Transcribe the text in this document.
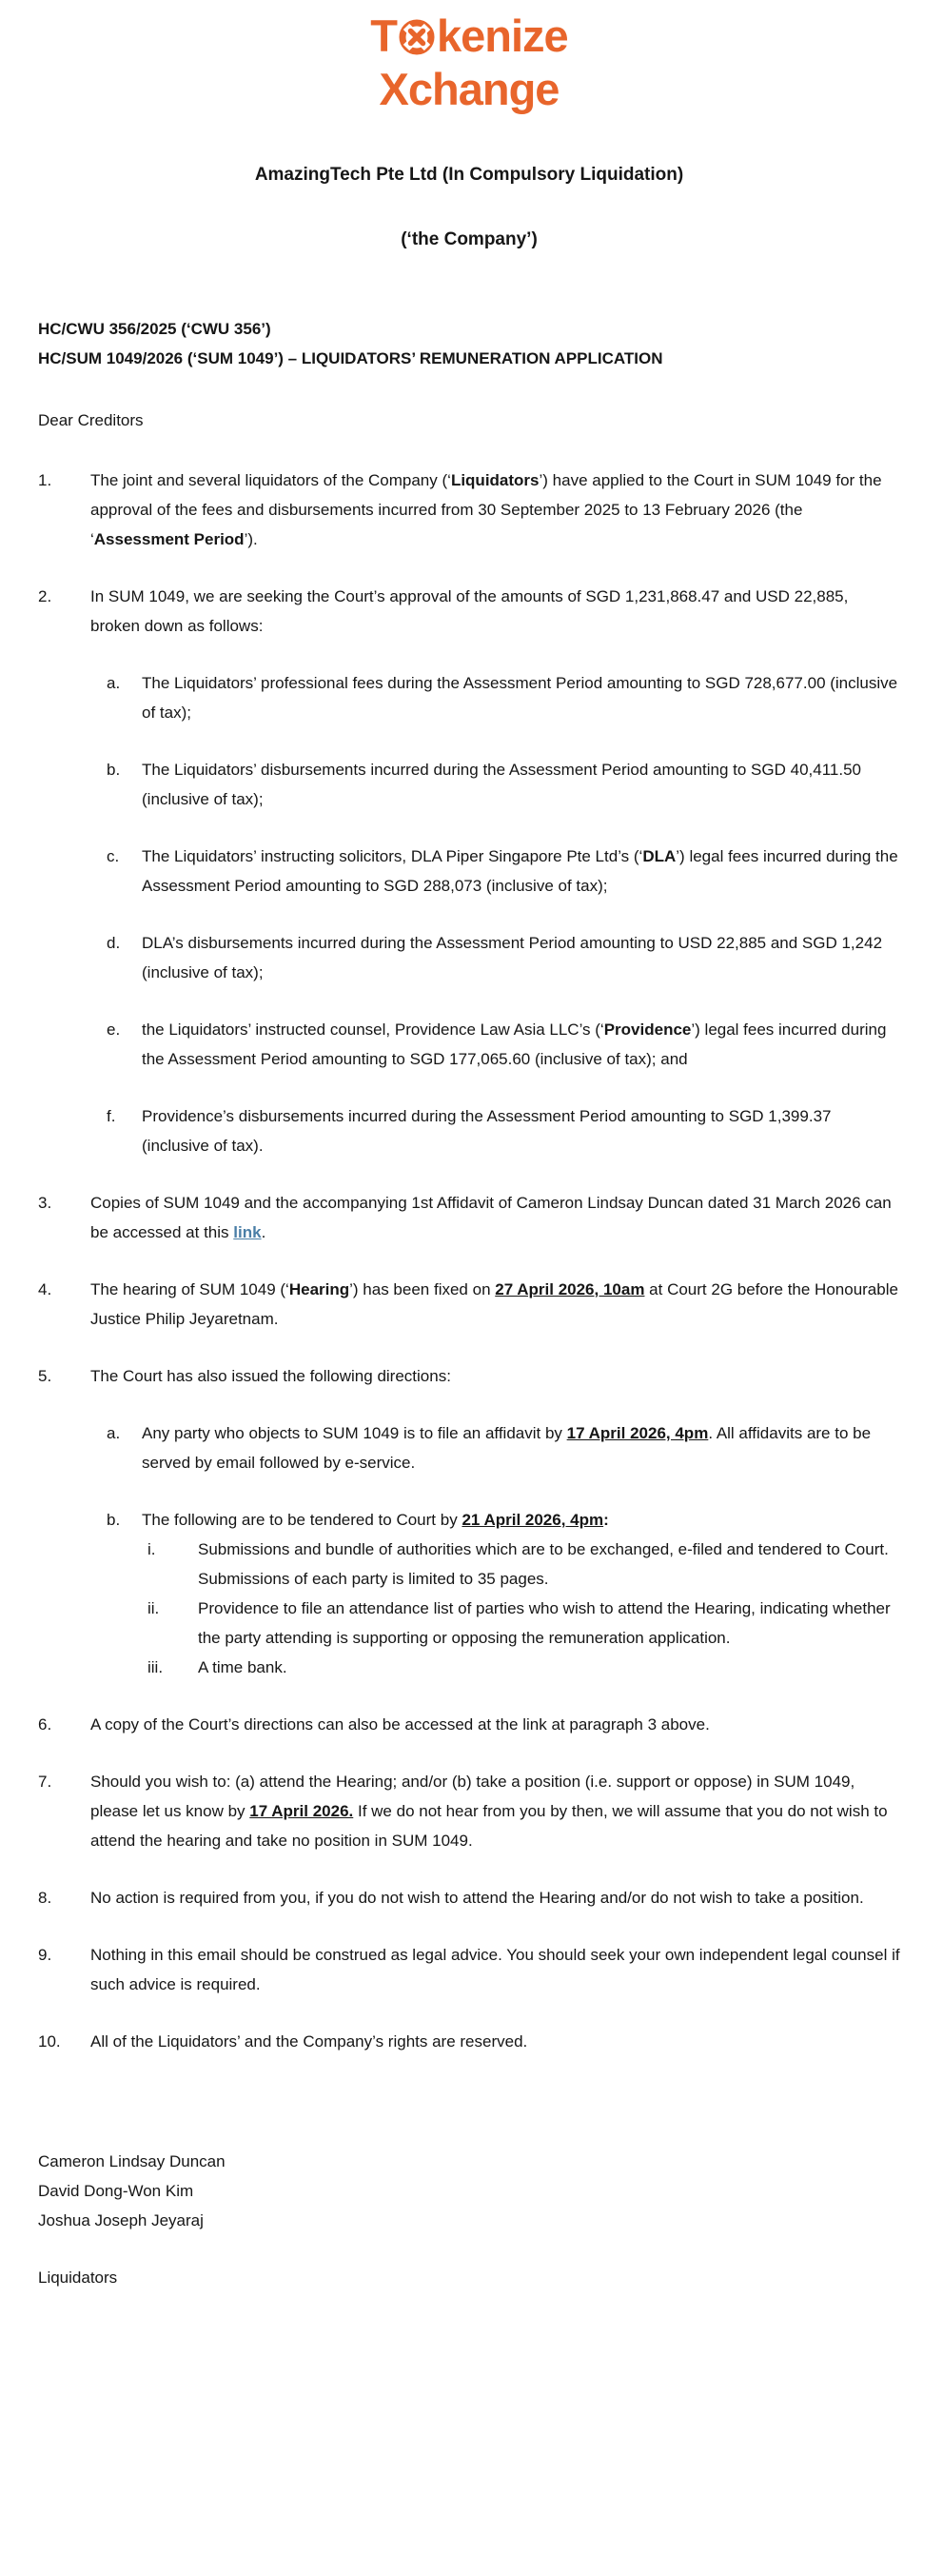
T kenize
Xchange
AmazingTech Pte Ltd (In Compulsory Liquidation)
(‘the Company’)
HC/CWU 356/2025 (‘CWU 356’)
HC/SUM 1049/2026 (‘SUM 1049’) – LIQUIDATORS’ REMUNERATION APPLICATION
Dear Creditors
1.	The joint and several liquidators of the Company (‘Liquidators’) have applied to the Court in SUM 1049 for the approval of the fees and disbursements incurred from 30 September 2025 to 13 February 2026 (the ‘Assessment Period’).
2.	In SUM 1049, we are seeking the Court’s approval of the amounts of SGD 1,231,868.47 and USD 22,885, broken down as follows:
a.	The Liquidators’ professional fees during the Assessment Period amounting to SGD 728,677.00 (inclusive of tax);
b.	The Liquidators’ disbursements incurred during the Assessment Period amounting to SGD 40,411.50 (inclusive of tax);
c.	The Liquidators’ instructing solicitors, DLA Piper Singapore Pte Ltd’s (‘DLA’) legal fees incurred during the Assessment Period amounting to SGD 288,073 (inclusive of tax);
d.	DLA’s disbursements incurred during the Assessment Period amounting to USD 22,885 and SGD 1,242 (inclusive of tax);
e.	the Liquidators’ instructed counsel, Providence Law Asia LLC’s (‘Providence’) legal fees incurred during the Assessment Period amounting to SGD 177,065.60 (inclusive of tax); and
f.	Providence’s disbursements incurred during the Assessment Period amounting to SGD 1,399.37 (inclusive of tax).
3.	Copies of SUM 1049 and the accompanying 1st Affidavit of Cameron Lindsay Duncan dated 31 March 2026 can be accessed at this link.
4.	The hearing of SUM 1049 (‘Hearing’) has been fixed on 27 April 2026, 10am at Court 2G before the Honourable Justice Philip Jeyaretnam.
5.	The Court has also issued the following directions:
a.	Any party who objects to SUM 1049 is to file an affidavit by 17 April 2026, 4pm. All affidavits are to be served by email followed by e-service.
b.	The following are to be tendered to Court by 21 April 2026, 4pm:
i.	Submissions and bundle of authorities which are to be exchanged, e-filed and tendered to Court. Submissions of each party is limited to 35 pages.
ii.	Providence to file an attendance list of parties who wish to attend the Hearing, indicating whether the party attending is supporting or opposing the remuneration application.
iii.	A time bank.
6.	A copy of the Court’s directions can also be accessed at the link at paragraph 3 above.
7.	Should you wish to: (a) attend the Hearing; and/or (b) take a position (i.e. support or oppose) in SUM 1049, please let us know by 17 April 2026. If we do not hear from you by then, we will assume that you do not wish to attend the hearing and take no position in SUM 1049.
8.	No action is required from you, if you do not wish to attend the Hearing and/or do not wish to take a position.
9.	Nothing in this email should be construed as legal advice. You should seek your own independent legal counsel if such advice is required.
10.	All of the Liquidators’ and the Company’s rights are reserved.
Cameron Lindsay Duncan
David Dong-Won Kim
Joshua Joseph Jeyaraj
Liquidators
